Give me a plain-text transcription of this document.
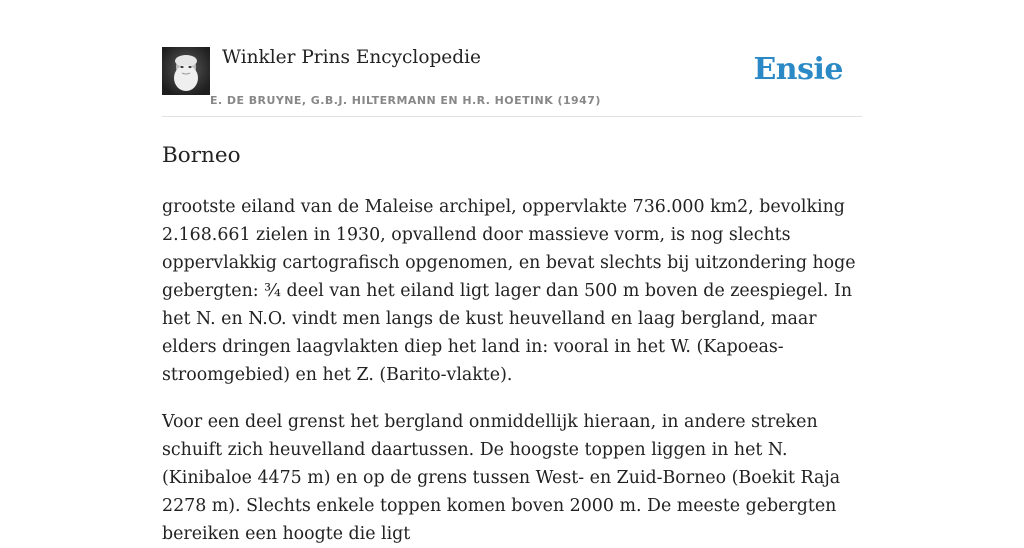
Winkler Prins Encyclopedie
E. DE BRUYNE, G.B.J. HILTERMANN EN H.R. HOETINK (1947)
Ensie
Borneo

grootste eiland van de Maleise archipel, oppervlakte 736.000 km2, bevolking 2.168.661 zielen in 1930, opvallend door massieve vorm, is nog slechts oppervlakkig cartografisch opgenomen, en bevat slechts bij uitzondering hoge gebergten: ¾ deel van het eiland ligt lager dan 500 m boven de zeespiegel. In het N. en N.O. vindt men langs de kust heuvelland en laag bergland, maar elders dringen laagvlakten diep het land in: vooral in het W. (Kapoeas-stroomgebied) en het Z. (Barito-vlakte).

Voor een deel grenst het bergland onmiddellijk hieraan, in andere streken schuift zich heuvelland daartussen. De hoogste toppen liggen in het N. (Kinibaloe 4475 m) en op de grens tussen West- en Zuid-Borneo (Boekit Raja 2278 m). Slechts enkele toppen komen boven 2000 m. De meeste gebergten bereiken een hoogte die ligt
